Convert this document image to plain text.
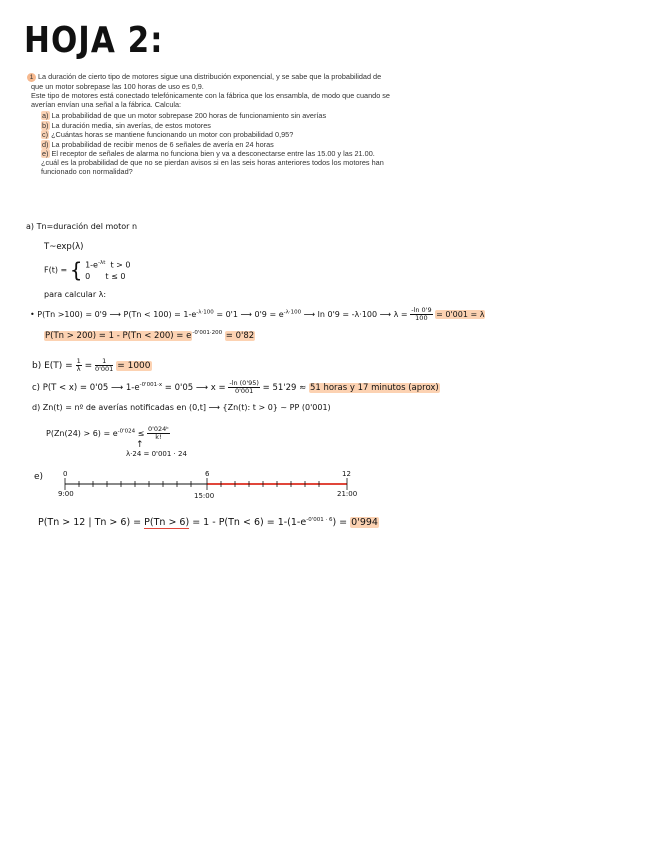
HOJA 2:

1 La duración de cierto tipo de motores sigue una distribución exponencial, y se sabe que la probabilidad de que un motor sobrepase las 100 horas de uso es 0,9.

Este tipo de motores está conectado telefónicamente con la fábrica que los ensambla, de modo que cuando se averían envían una señal a la fábrica. Calcula:

a) La probabilidad de que un motor sobrepase 200 horas de funcionamiento sin averías
b) La duración media, sin averías, de estos motores
c) ¿Cuántas horas se mantiene funcionando un motor con probabilidad 0,95?
d) La probabilidad de recibir menos de 6 señales de avería en 24 horas
e) El receptor de señales de alarma no funciona bien y va a desconectarse entre las 15.00 y las 21.00. ¿cuál es la probabilidad de que no se pierdan avisos si en las seis horas anteriores todos los motores han funcionado con normalidad?
a) Tn=duración del motor n
T~exp(λ)
F(t) = { $1-e^{-\lambda t}$ t > 0
0 t ≤ 0
para calcular λ:
• P(Tn >100) = 0'9 ⟶ $P(Tn < 100) = 1-e^{-\lambda\cdot 100} = 0'1$ ⟶ $0'9 = e^{-\lambda\cdot 100}$ ⟶ ln 0'9 = -λ·100 ⟶ $\lambda = \frac{-\ln 0'9}{100} = 0'001 = \lambda$
$P(Tn > 200) = 1 - P(Tn < 200) = e^{-0'001\cdot 200} = 0'82$
b) $E(T) = \frac{1}{\lambda} = \frac{1}{0'001} = 1000$
c) P(T < x) = 0'05 ⟶ $1-e^{-0'001\cdot x} = 0'05$ ⟶ $x = \frac{-\ln (0'95)}{0'001} = 51'29 \approx 51$ horas y 17 minutos (aprox)
d) Zn(t) = nº de averías notificadas en (0,t] ⟶ {Zn(t): t > 0} ~ PP (0'001)
$P(Zn(24) > 6) = e^{-0'024} \le \frac{\text{0'024ᵏ}}{k!}$
↑
λ·24 = 0'001 · 24
e)	0	6	12
9:00	15:00	21:00
P(Tn > 12 | $Tn > 6) = P(Tn > 6) = 1 - P(Tn < 6) = 1-(1-e^{-0'001 \cdot 6}) = 0'994$
